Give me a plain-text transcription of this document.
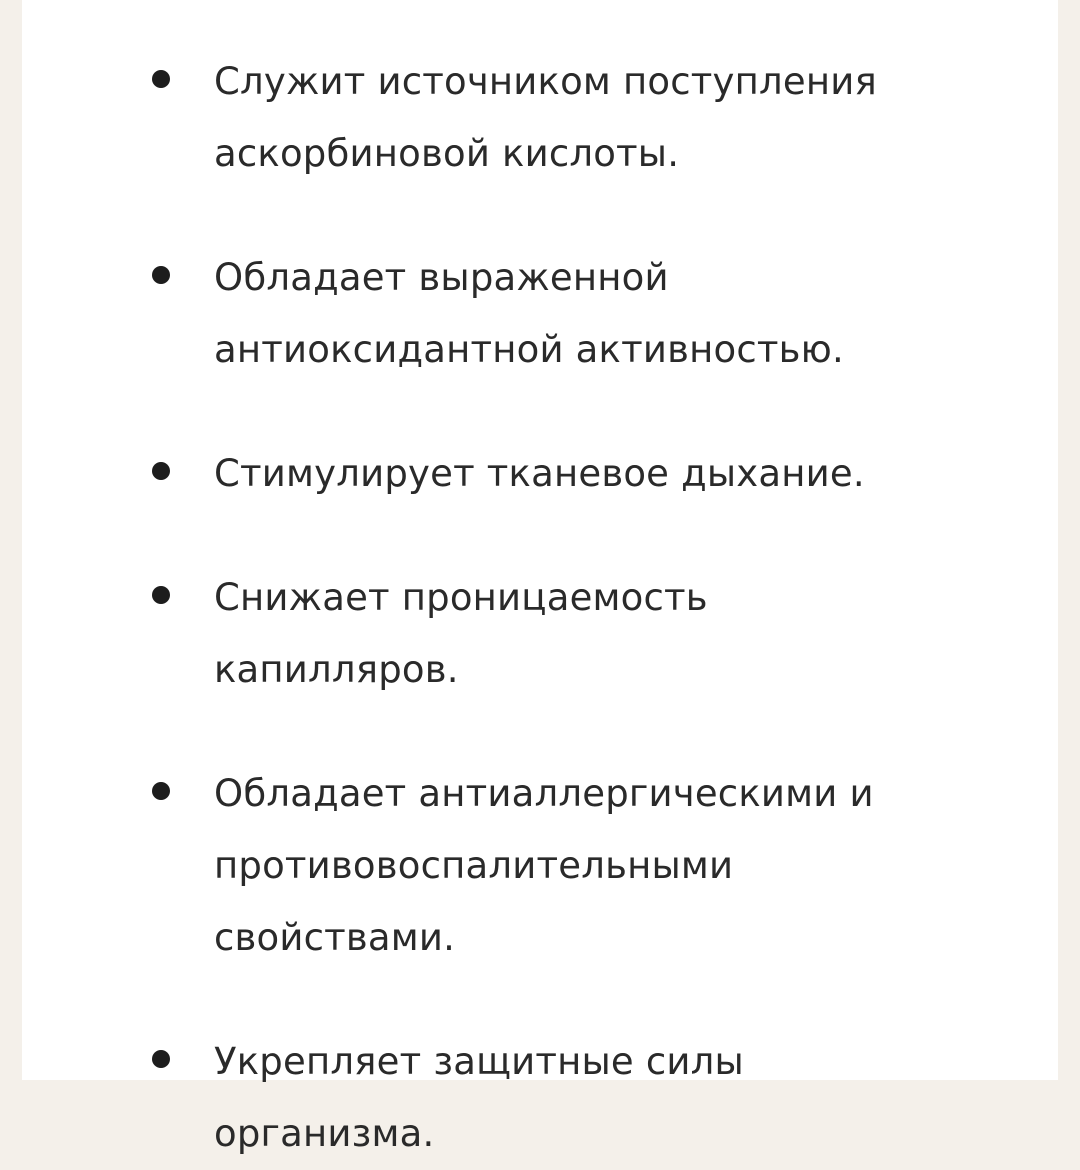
Служит источником поступления аскорбиновой кислоты.
Обладает выраженной антиоксидантной активностью.
Стимулирует тканевое дыхание.
Снижает проницаемость капилляров.
Обладает антиаллергическими и противовоспалительными свойствами.
Укрепляет защитные силы организма.
